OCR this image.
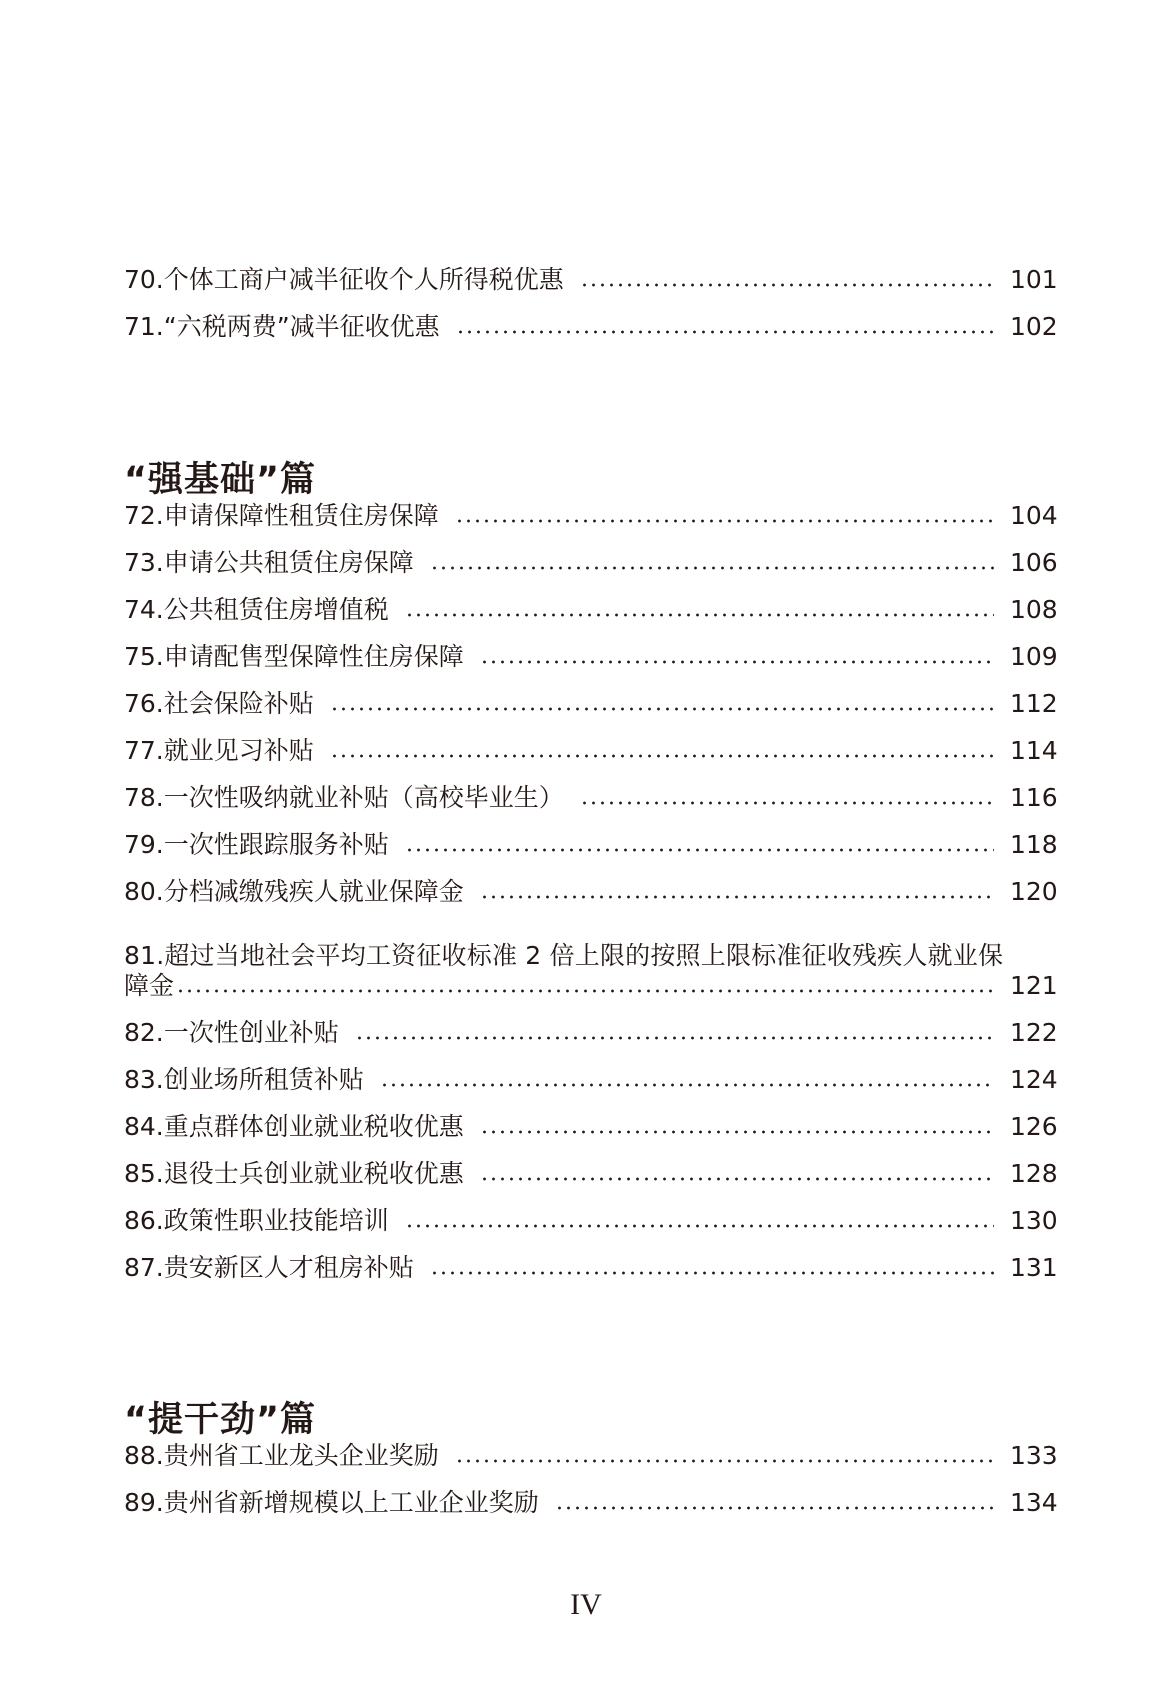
70.个体工商户减半征收个人所得税优惠	101
71.“六税两费”减半征收优惠	102
“强基础”篇
72.申请保障性租赁住房保障	104
73.申请公共租赁住房保障	106
74.公共租赁住房增值税	108
75.申请配售型保障性住房保障	109
76.社会保险补贴	112
77.就业见习补贴	114
78.一次性吸纳就业补贴（高校毕业生）	116
79.一次性跟踪服务补贴	118
80.分档减缴残疾人就业保障金	120
81.超过当地社会平均工资征收标准 2 倍上限的按照上限标准征收残疾人就业保
障金	121
82.一次性创业补贴	122
83.创业场所租赁补贴	124
84.重点群体创业就业税收优惠	126
85.退役士兵创业就业税收优惠	128
86.政策性职业技能培训	130
87.贵安新区人才租房补贴	131
“提干劲”篇
88.贵州省工业龙头企业奖励	133
89.贵州省新增规模以上工业企业奖励	134
IV
